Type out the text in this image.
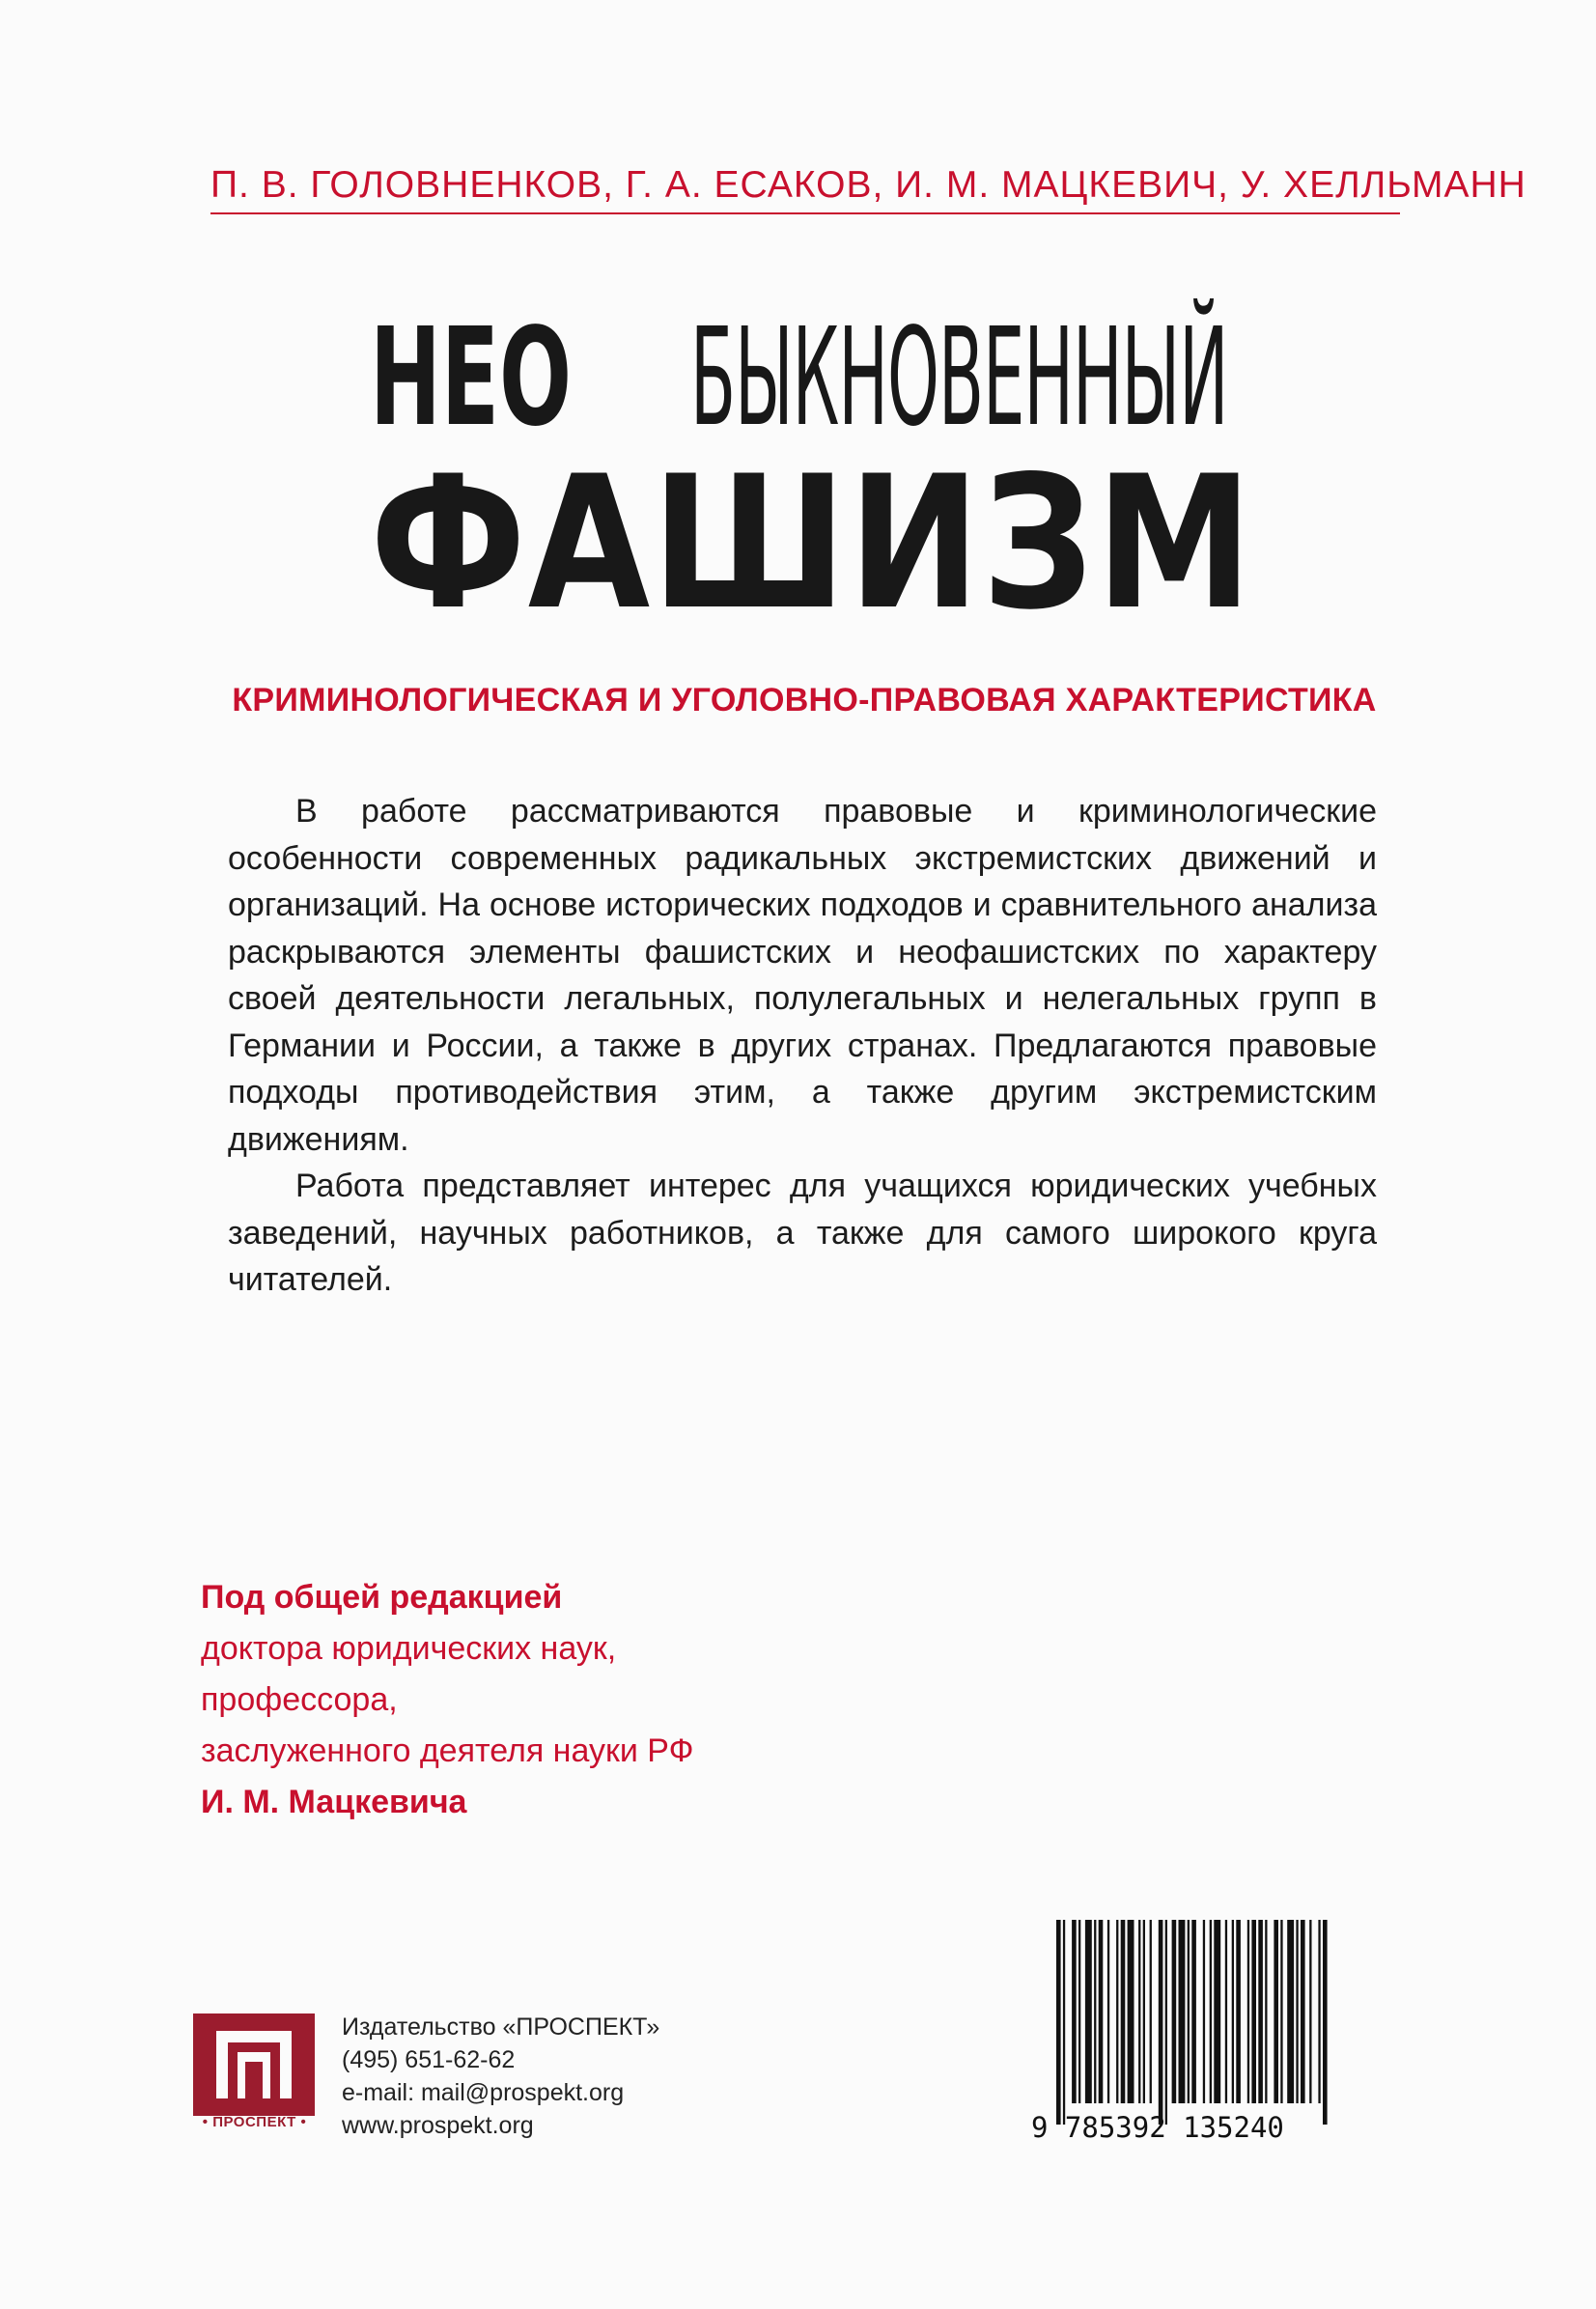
П. В. ГОЛОВНЕНКОВ, Г. А. ЕСАКОВ, И. М. МАЦКЕВИЧ, У. ХЕЛЛЬМАНН
НЕО БЫКНОВЕННЫЙ
ФАШИЗМ
КРИМИНОЛОГИЧЕСКАЯ И УГОЛОВНО-ПРАВОВАЯ ХАРАКТЕРИСТИКА

В работе рассматриваются правовые и криминологические особенности современных радикальных экстремистских движений и организаций. На основе исторических подходов и сравнительного анализа раскрываются элементы фашистских и неофашистских по характеру своей деятельности легальных, полулегальных и нелегальных групп в Германии и России, а также в других странах. Предлагаются правовые подходы противодействия этим, а также другим экстремистским движениям.

Работа представляет интерес для учащихся юридических учебных заведений, научных работников, а также для самого широкого круга читателей.

Под общей редакцией
доктора юридических наук,
профессора,
заслуженного деятеля науки РФ
И. М. Мацкевича
• ПРОСПЕКТ •
Издательство «ПРОСПЕКТ»
(495) 651-62-62
e-mail: mail@prospekt.org
www.prospekt.org	9 785392 135240
